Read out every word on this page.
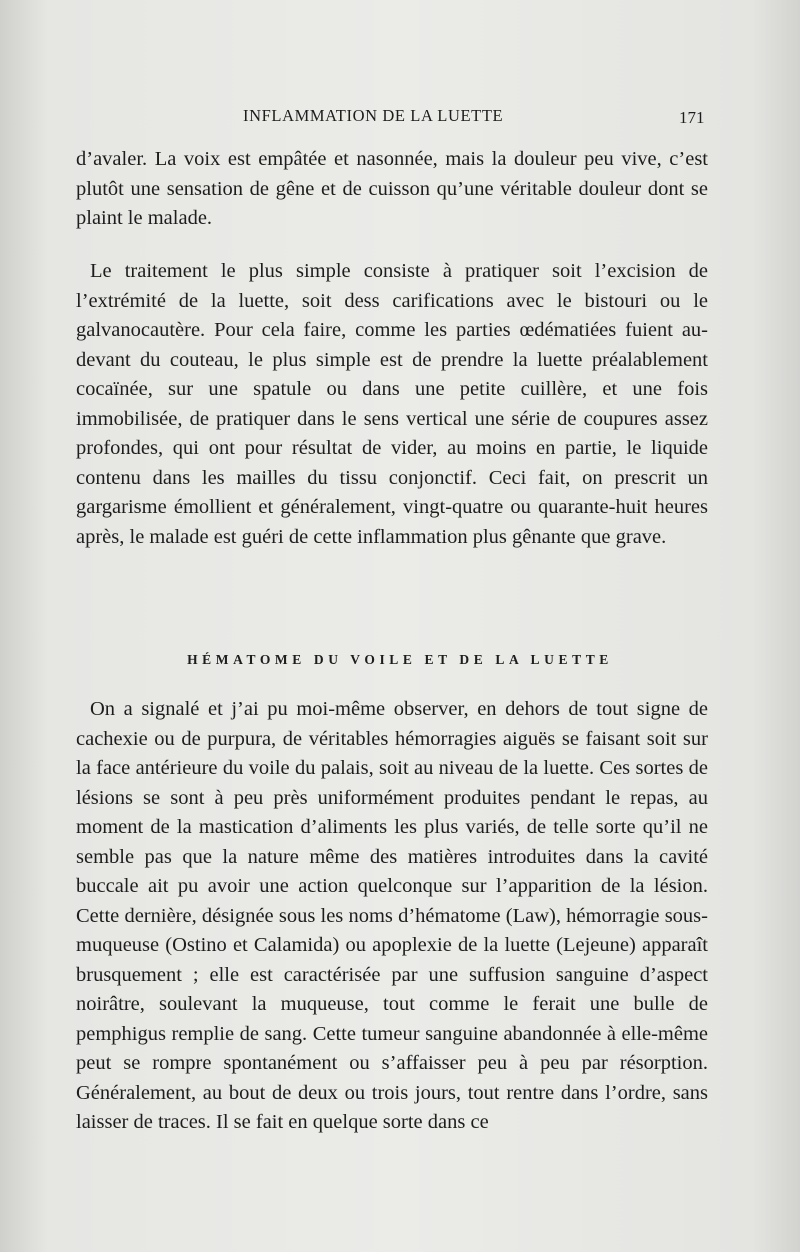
INFLAMMATION DE LA LUETTE	171

d’avaler. La voix est empâtée et nasonnée, mais la douleur peu vive, c’est plutôt une sensation de gêne et de cuisson qu’une véritable douleur dont se plaint le malade.

Le traitement le plus simple consiste à pratiquer soit l’excision de l’extrémité de la luette, soit dess carifications avec le bistouri ou le galvanocautère. Pour cela faire, comme les parties œdématiées fuient au-devant du couteau, le plus simple est de prendre la luette préalablement cocaïnée, sur une spatule ou dans une petite cuillère, et une fois immobilisée, de pratiquer dans le sens vertical une série de coupures assez profondes, qui ont pour résultat de vider, au moins en partie, le liquide contenu dans les mailles du tissu conjonctif. Ceci fait, on prescrit un gargarisme émollient et généralement, vingt-quatre ou quarante-huit heures après, le malade est guéri de cette inflammation plus gênante que grave.

HÉMATOME DU VOILE ET DE LA LUETTE

On a signalé et j’ai pu moi-même observer, en dehors de tout signe de cachexie ou de purpura, de véritables hémorragies aiguës se faisant soit sur la face antérieure du voile du palais, soit au niveau de la luette. Ces sortes de lésions se sont à peu près uniformément produites pendant le repas, au moment de la mastication d’aliments les plus variés, de telle sorte qu’il ne semble pas que la nature même des matières introduites dans la cavité buccale ait pu avoir une action quelconque sur l’apparition de la lésion. Cette dernière, désignée sous les noms d’hématome (Law), hémorragie sous-muqueuse (Ostino et Calamida) ou apoplexie de la luette (Lejeune) apparaît brusquement ; elle est caractérisée par une suffusion sanguine d’aspect noirâtre, soulevant la muqueuse, tout comme le ferait une bulle de pemphigus remplie de sang. Cette tumeur sanguine abandonnée à elle-même peut se rompre spontanément ou s’affaisser peu à peu par résorption. Généralement, au bout de deux ou trois jours, tout rentre dans l’ordre, sans laisser de traces. Il se fait en quelque sorte dans ce
